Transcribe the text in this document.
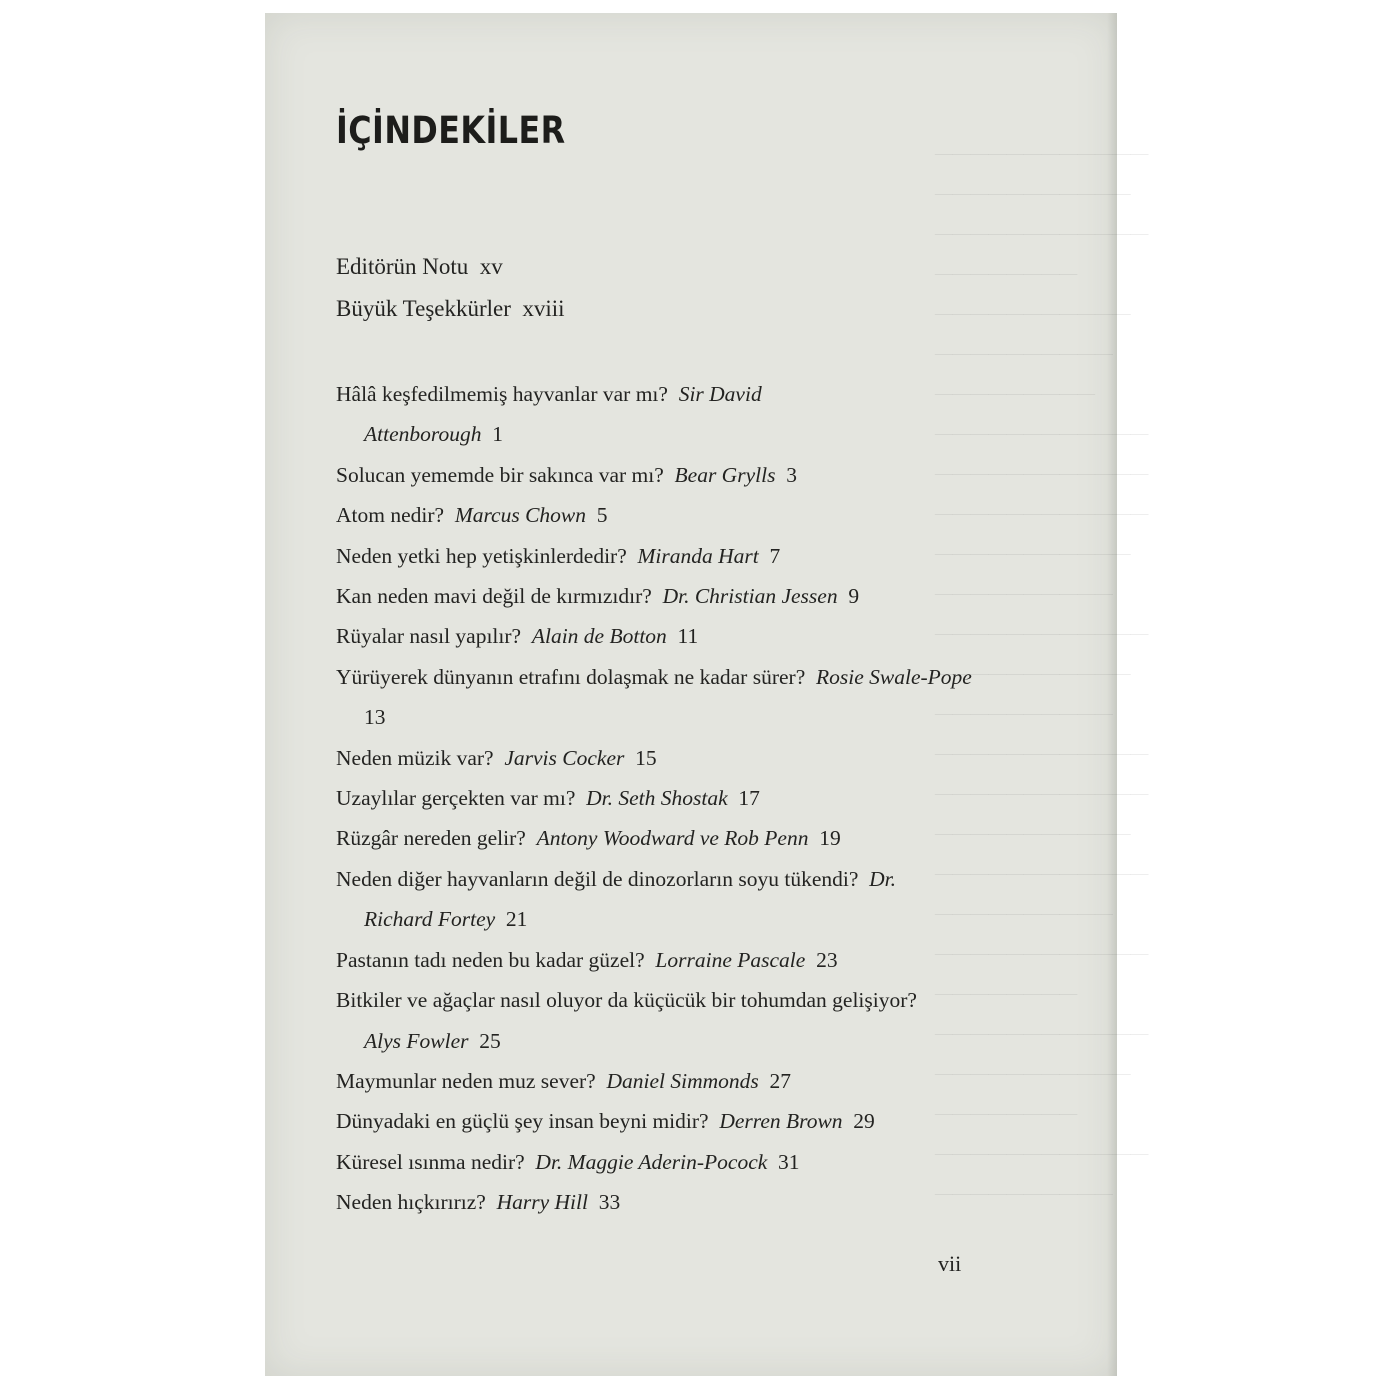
————————————
———————————
————————————
————————
———————————
——————————
—————————
————————————
————————————
————————————
———————————
——————————
————————————
———————————
——————————
————————————
————————————
———————————
————————————
——————————
————————————
————————
————————————
———————————
————————
————————————
——————————
İÇİNDEKİLER
Editörün Notu xv
Büyük Teşekkürler xviii
Hâlâ keşfedilmemiş hayvanlar var mı? Sir David Attenborough 1
Solucan yememde bir sakınca var mı? Bear Grylls 3
Atom nedir? Marcus Chown 5
Neden yetki hep yetişkinlerdedir? Miranda Hart 7
Kan neden mavi değil de kırmızıdır? Dr. Christian Jessen 9
Rüyalar nasıl yapılır? Alain de Botton 11
Yürüyerek dünyanın etrafını dolaşmak ne kadar sürer? Rosie Swale-Pope  13
Neden müzik var? Jarvis Cocker 15
Uzaylılar gerçekten var mı? Dr. Seth Shostak 17
Rüzgâr nereden gelir? Antony Woodward ve Rob Penn 19
Neden diğer hayvanların değil de dinozorların soyu tükendi? Dr. Richard Fortey 21
Pastanın tadı neden bu kadar güzel? Lorraine Pascale 23
Bitkiler ve ağaçlar nasıl oluyor da küçücük bir tohumdan gelişiyor?  Alys Fowler 25
Maymunlar neden muz sever? Daniel Simmonds 27
Dünyadaki en güçlü şey insan beyni midir? Derren Brown 29
Küresel ısınma nedir? Dr. Maggie Aderin-Pocock 31
Neden hıçkırırız? Harry Hill 33
vii
